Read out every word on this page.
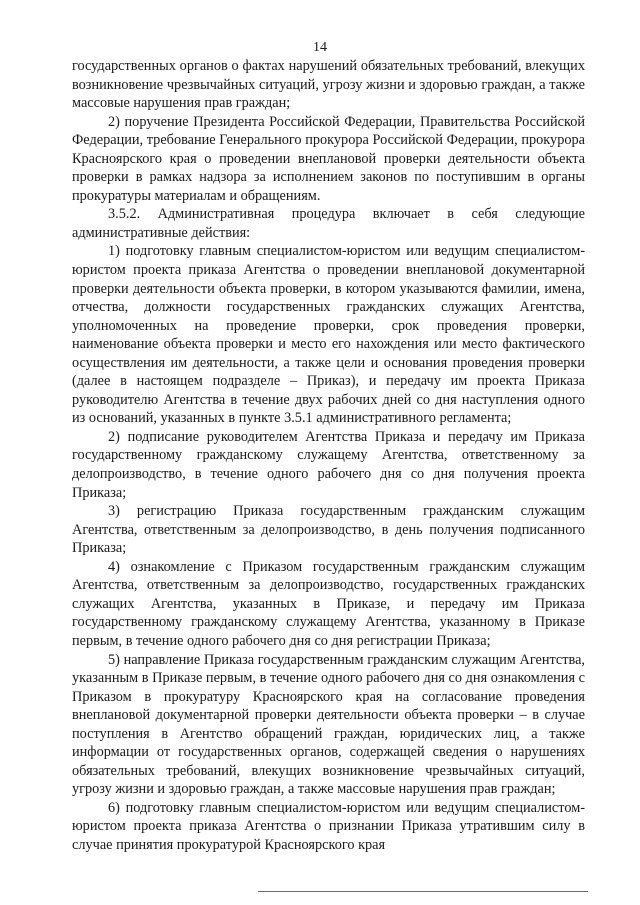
14

государственных органов о фактах нарушений обязательных требований, влекущих возникновение чрезвычайных ситуаций, угрозу жизни и здоровью граждан, а также массовые нарушения прав граждан;

2) поручение Президента Российской Федерации, Правительства Российской Федерации, требование Генерального прокурора Российской Федерации, прокурора Красноярского края о проведении внеплановой проверки деятельности объекта проверки в рамках надзора за исполнением законов по поступившим в органы прокуратуры материалам и обращениям.

3.5.2. Административная процедура включает в себя следующие административные действия:

1) подготовку главным специалистом-юристом или ведущим специалистом-юристом проекта приказа Агентства о проведении внеплановой документарной проверки деятельности объекта проверки, в котором указываются фамилии, имена, отчества, должности государственных гражданских служащих Агентства, уполномоченных на проведение проверки, срок проведения проверки, наименование объекта проверки и место его нахождения или место фактического осуществления им деятельности, а также цели и основания проведения проверки (далее в настоящем подразделе – Приказ), и передачу им проекта Приказа руководителю Агентства в течение двух рабочих дней со дня наступления одного из оснований, указанных в пункте 3.5.1 административного регламента;

2) подписание руководителем Агентства Приказа и передачу им Приказа государственному гражданскому служащему Агентства, ответственному за делопроизводство, в течение одного рабочего дня со дня получения проекта Приказа;

3) регистрацию Приказа государственным гражданским служащим Агентства, ответственным за делопроизводство, в день получения подписанного Приказа;

4) ознакомление с Приказом государственным гражданским служащим Агентства, ответственным за делопроизводство, государственных гражданских служащих Агентства, указанных в Приказе, и передачу им Приказа государственному гражданскому служащему Агентства, указанному в Приказе первым, в течение одного рабочего дня со дня регистрации Приказа;

5) направление Приказа государственным гражданским служащим Агентства, указанным в Приказе первым, в течение одного рабочего дня со дня ознакомления с Приказом в прокуратуру Красноярского края на согласование проведения внеплановой документарной проверки деятельности объекта проверки – в случае поступления в Агентство обращений граждан, юридических лиц, а также информации от государственных органов, содержащей сведения о нарушениях обязательных требований, влекущих возникновение чрезвычайных ситуаций, угрозу жизни и здоровью граждан, а также массовые нарушения прав граждан;

6) подготовку главным специалистом-юристом или ведущим специалистом-юристом проекта приказа Агентства о признании Приказа утратившим силу в случае принятия прокуратурой Красноярского края
